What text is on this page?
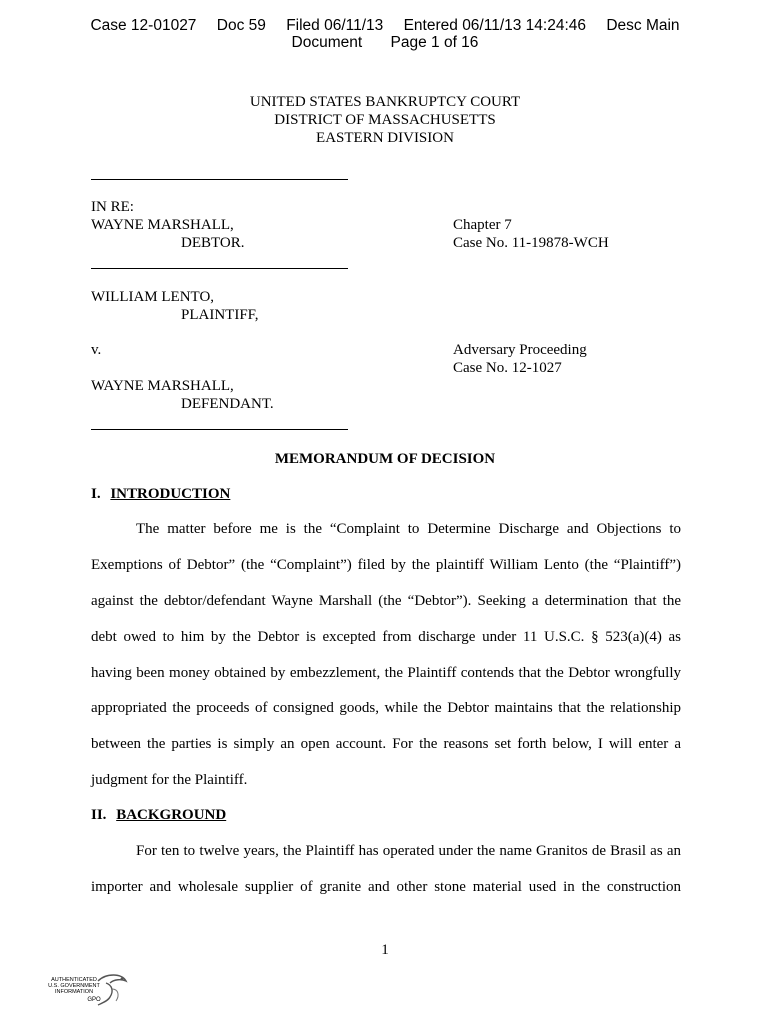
Case 12-01027 Doc 59 Filed 06/11/13 Entered 06/11/13 14:24:46 Desc Main
Document Page 1 of 16
UNITED STATES BANKRUPTCY COURT
DISTRICT OF MASSACHUSETTS
EASTERN DIVISION
IN RE:
WAYNE MARSHALL,
DEBTOR.
Chapter 7
Case No. 11-19878-WCH
WILLIAM LENTO,
PLAINTIFF,
v.	Adversary Proceeding
Case No. 12-1027
WAYNE MARSHALL,
DEFENDANT.
MEMORANDUM OF DECISION
I. INTRODUCTION
The matter before me is the “Complaint to Determine Discharge and Objections to
Exemptions of Debtor” (the “Complaint”) filed by the plaintiff William Lento (the “Plaintiff”)
against the debtor/defendant Wayne Marshall (the “Debtor”). Seeking a determination that the
debt owed to him by the Debtor is excepted from discharge under 11 U.S.C. § 523(a)(4) as
having been money obtained by embezzlement, the Plaintiff contends that the Debtor wrongfully
appropriated the proceeds of consigned goods, while the Debtor maintains that the relationship
between the parties is simply an open account. For the reasons set forth below, I will enter a
judgment for the Plaintiff.
II. BACKGROUND
For ten to twelve years, the Plaintiff has operated under the name Granitos de Brasil as an
importer and wholesale supplier of granite and other stone material used in the construction
1
AUTHENTICATED
U.S. GOVERNMENT
INFORMATION
GPO
